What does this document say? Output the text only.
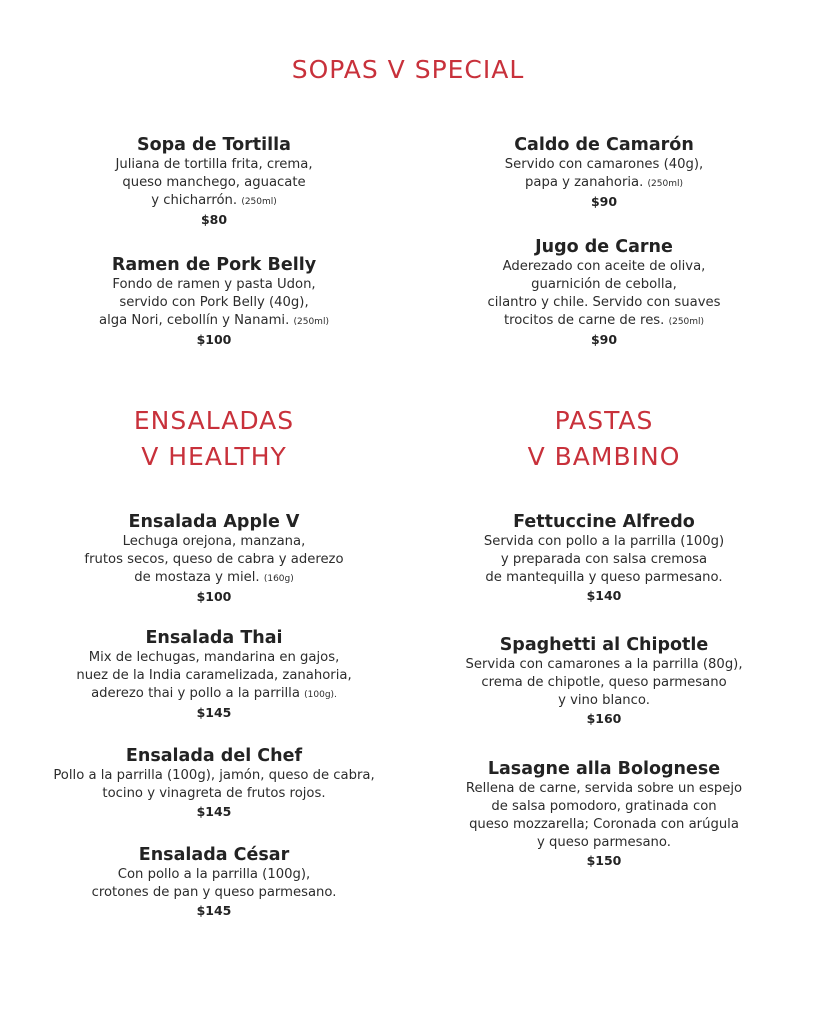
SOPAS V SPECIAL
Sopa de Tortilla
Juliana de tortilla frita, crema,
queso manchego, aguacate
y chicharrón. (250ml)
$80
Ramen de Pork Belly
Fondo de ramen y pasta Udon,
servido con Pork Belly (40g),
alga Nori, cebollín y Nanami. (250ml)
$100
Caldo de Camarón
Servido con camarones (40g),
papa y zanahoria. (250ml)
$90
Jugo de Carne
Aderezado con aceite de oliva,
guarnición de cebolla,
cilantro y chile. Servido con suaves
trocitos de carne de res. (250ml)
$90
ENSALADAS
V HEALTHY
Ensalada Apple V
Lechuga orejona, manzana,
frutos secos, queso de cabra y aderezo
de mostaza y miel. (160g)
$100
Ensalada Thai
Mix de lechugas, mandarina en gajos,
nuez de la India caramelizada, zanahoria,
aderezo thai y pollo a la parrilla (100g).
$145
Ensalada del Chef
Pollo a la parrilla (100g), jamón, queso de cabra,
tocino y vinagreta de frutos rojos.
$145
Ensalada César
Con pollo a la parrilla (100g),
crotones de pan y queso parmesano.
$145
PASTAS
V BAMBINO
Fettuccine Alfredo
Servida con pollo a la parrilla (100g)
y preparada con salsa cremosa
de mantequilla y queso parmesano.
$140
Spaghetti al Chipotle
Servida con camarones a la parrilla (80g),
crema de chipotle, queso parmesano
y vino blanco.
$160
Lasagne alla Bolognese
Rellena de carne, servida sobre un espejo
de salsa pomodoro, gratinada con
queso mozzarella; Coronada con arúgula
y queso parmesano.
$150
